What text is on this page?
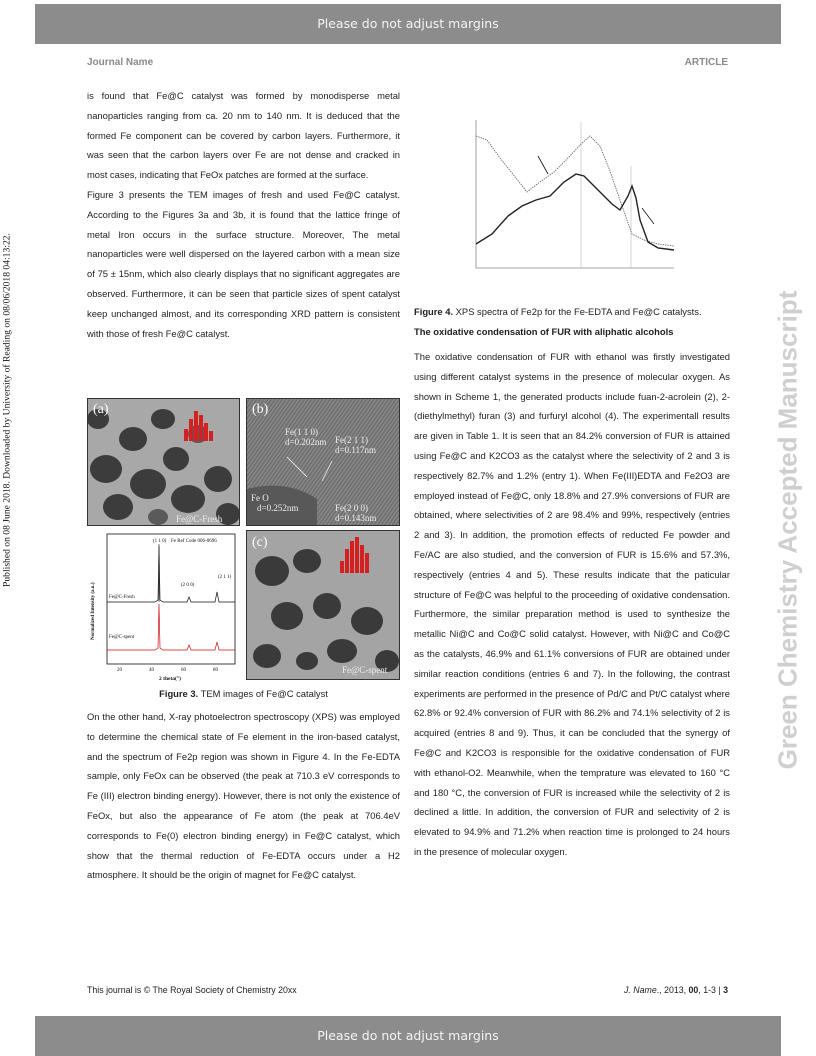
Please do not adjust margins
Journal Name	ARTICLE
Published on 08 June 2018. Downloaded by University of Reading on 08/06/2018 04:13:22.	Green Chemistry Accepted Manuscript

is found that Fe@C catalyst was formed by monodisperse metal nanoparticles ranging from ca. 20 nm to 140 nm. It is deduced that the formed Fe component can be covered by carbon layers. Furthermore, it was seen that the carbon layers over Fe are not dense and cracked in most cases, indicating that FeOx patches are formed at the surface.

Figure 3 presents the TEM images of fresh and used Fe@C catalyst. According to the Figures 3a and 3b, it is found that the lattice fringe of metal Iron occurs in the surface structure. Moreover, The metal nanoparticles were well dispersed on the layered carbon with a mean size of 75 ± 15nm, which also clearly displays that no significant aggregates are observed. Furthermore, it can be seen that particle sizes of spent catalyst keep unchanged almost, and its corresponding XRD pattern is consistent with those of fresh Fe@C catalyst.

(a)
Fe@C-Fresh
(b)
Fe(1 1 0)
d=0.202nm Fe(2 1 1)
d=0.117nm
Fe O
d=0.252nm	Fe(2 0 0)
d=0.143nm
Fe Ref Code 006-0696
Fe@C-Fresh
Fe@C-spent
(1 1 0)
(2 0 0)
(2 1 1)
Normalized Intensity (a.u.)
20	40	60	80
2 theta(°)
(c)
Fe@C-spent
Figure 3. TEM images of Fe@C catalyst

On the other hand, X-ray photoelectron spectroscopy (XPS) was employed to determine the chemical state of Fe element in the iron-based catalyst, and the spectrum of Fe2p region was shown in Figure 4. In the Fe-EDTA sample, only FeOx can be observed (the peak at 710.3 eV corresponds to Fe (III) electron binding energy). However, there is not only the existence of FeOx, but also the appearance of Fe atom (the peak at 706.4eV corresponds to Fe(0) electron binding energy) in Fe@C catalyst, which show that the thermal reduction of Fe-EDTA occurs under a H2 atmosphere. It should be the origin of magnet for Fe@C catalyst.

Figure 4. XPS spectra of Fe2p for the Fe-EDTA and Fe@C catalysts.
The oxidative condensation of FUR with aliphatic alcohols

The oxidative condensation of FUR with ethanol was firstly investigated using different catalyst systems in the presence of molecular oxygen. As shown in Scheme 1, the generated products include fuan-2-acrolein (2), 2-(diethylmethyl) furan (3) and furfuryl alcohol (4). The experimentall results are given in Table 1. It is seen that an 84.2% conversion of FUR is attained using Fe@C and K2CO3 as the catalyst where the selectivity of 2 and 3 is respectively 82.7% and 1.2% (entry 1). When Fe(III)EDTA and Fe2O3 are employed instead of Fe@C, only 18.8% and 27.9% conversions of FUR are obtained, where selectivities of 2 are 98.4% and 99%, respectively (entries 2 and 3). In addition, the promotion effects of reducted Fe powder and Fe/AC are also studied, and the conversion of FUR is 15.6% and 57.3%, respectively (entries 4 and 5). These results indicate that the paticular structure of Fe@C was helpful to the proceeding of oxidative condensation. Furthermore, the similar preparation method is used to synthesize the metallic Ni@C and Co@C solid catalyst. However, with Ni@C and Co@C as the catalysts, 46.9% and 61.1% conversions of FUR are obtained under similar reaction conditions (entries 6 and 7). In the following, the contrast experiments are performed in the presence of Pd/C and Pt/C catalyst where 62.8% or 92.4% conversion of FUR with 86.2% and 74.1% selectivity of 2 is acquired (entries 8 and 9). Thus, it can be concluded that the synergy of Fe@C and K2CO3 is responsible for the oxidative condensation of FUR with ethanol-O2. Meanwhile, when the temprature was elevated to 160 °C and 180 °C, the conversion of FUR is increased while the selectivity of 2 is declined a little. In addition, the conversion of FUR and selectivity of 2 is elevated to 94.9% and 71.2% when reaction time is prolonged to 24 hours in the presence of molecular oxygen.

This journal is © The Royal Society of Chemistry 20xx	J. Name., 2013, 00, 1-3 | 3
Please do not adjust margins
